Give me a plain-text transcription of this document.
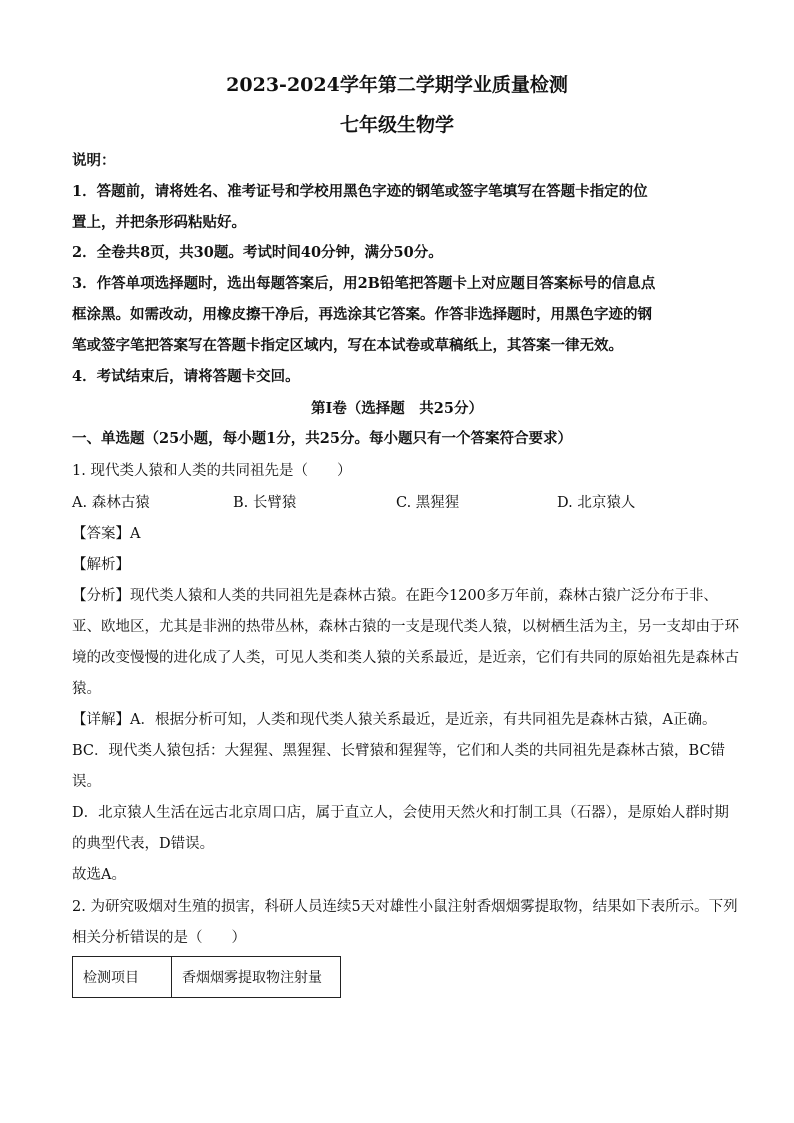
2023-2024学年第二学期学业质量检测
七年级生物学
说明：
1．答题前，请将姓名、准考证号和学校用黑色字迹的钢笔或签字笔填写在答题卡指定的位
置上，并把条形码粘贴好。
2．全卷共8页，共30题。考试时间40分钟，满分50分。
3．作答单项选择题时，选出每题答案后，用2B铅笔把答题卡上对应题目答案标号的信息点
框涂黑。如需改动，用橡皮擦干净后，再选涂其它答案。作答非选择题时，用黑色字迹的钢
笔或签字笔把答案写在答题卡指定区域内，写在本试卷或草稿纸上，其答案一律无效。
4．考试结束后，请将答题卡交回。
第Ⅰ卷（选择题　共25分）
一、单选题（25小题，每小题1分，共25分。每小题只有一个答案符合要求）
1. 现代类人猿和人类的共同祖先是（　　）
A. 森林古猿	B. 长臂猿	C. 黑猩猩	D. 北京猿人
【答案】A
【解析】
【分析】现代类人猿和人类的共同祖先是森林古猿。在距今1200多万年前，森林古猿广泛分布于非、
亚、欧地区，尤其是非洲的热带丛林，森林古猿的一支是现代类人猿，以树栖生活为主，另一支却由于环
境的改变慢慢的进化成了人类，可见人类和类人猿的关系最近，是近亲，它们有共同的原始祖先是森林古
猿。
【详解】A．根据分析可知，人类和现代类人猿关系最近，是近亲，有共同祖先是森林古猿，A正确。
BC．现代类人猿包括：大猩猩、黑猩猩、长臂猿和猩猩等，它们和人类的共同祖先是森林古猿，BC错
误。
D．北京猿人生活在远古北京周口店，属于直立人，会使用天然火和打制工具（石器），是原始人群时期
的典型代表，D错误。
故选A。
2. 为研究吸烟对生殖的损害，科研人员连续5天对雄性小鼠注射香烟烟雾提取物，结果如下表所示。下列
相关分析错误的是（　　）
检测项目	香烟烟雾提取物注射量
